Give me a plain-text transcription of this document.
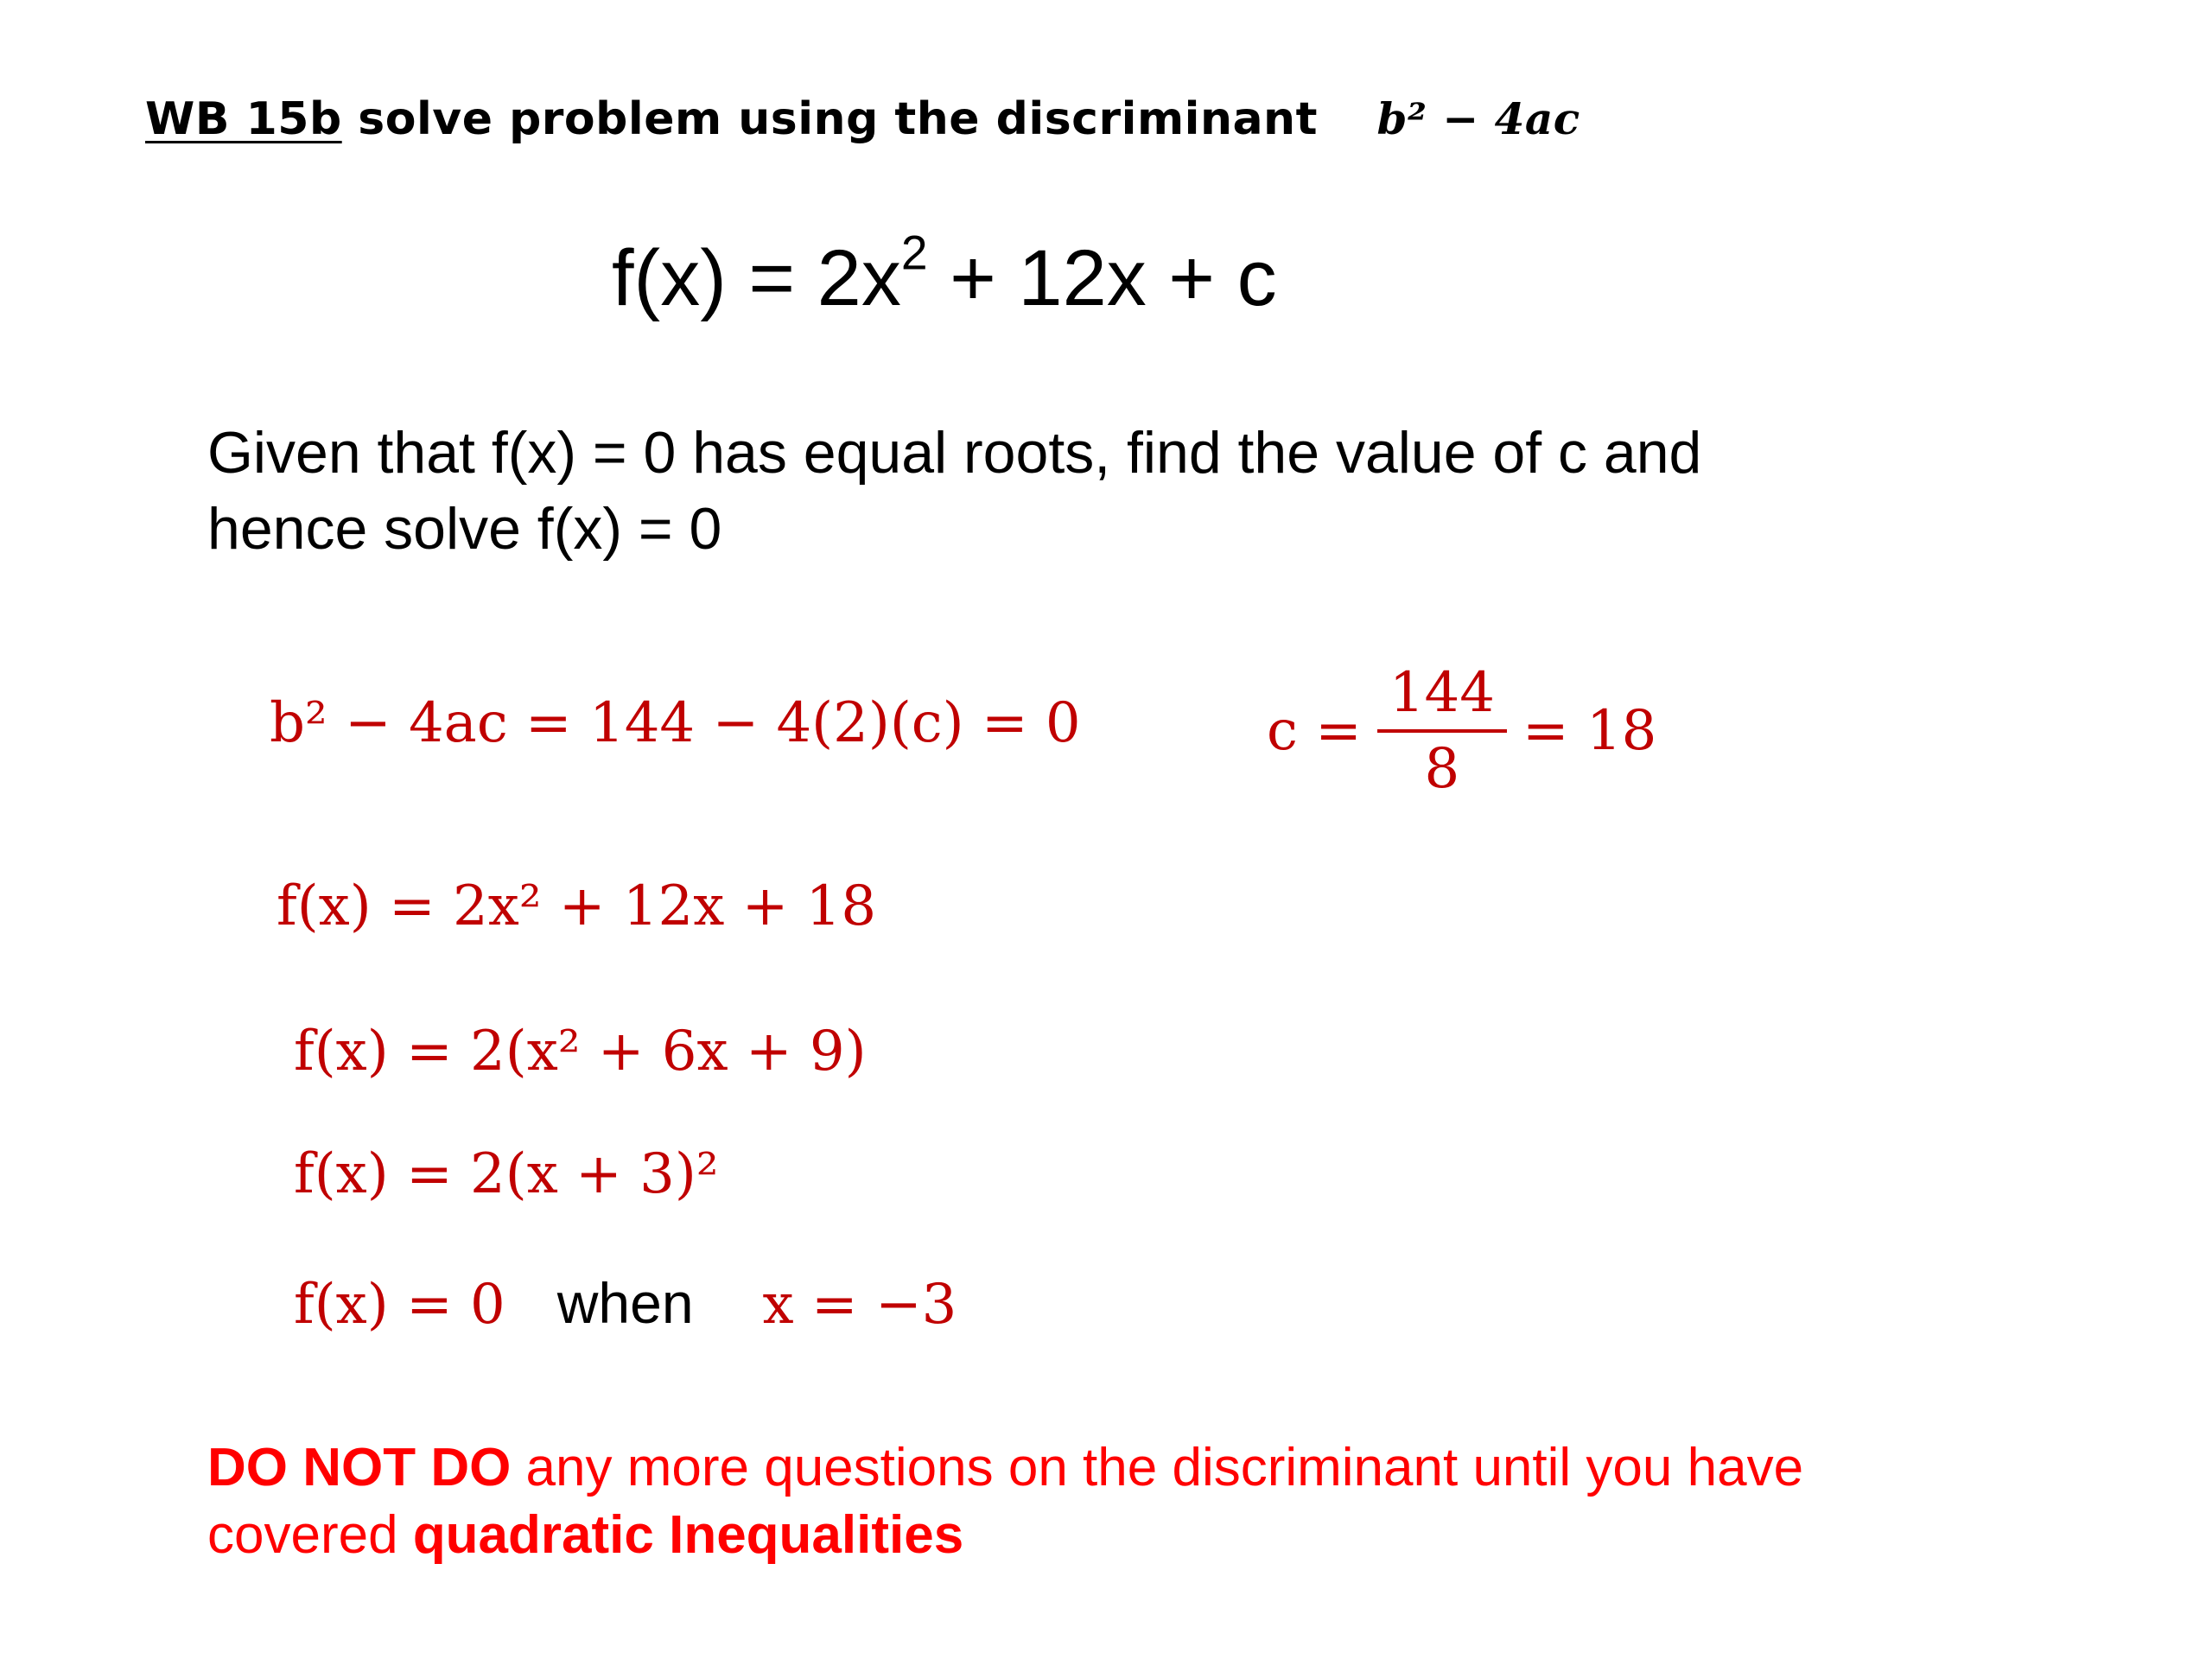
WB 15b solve problem using the discriminant b² − 4ac
$f(x) = 2x^2 + 12x + c$
Given that f(x) = 0 has equal roots, find the value of c and
hence solve f(x) = 0
b² − 4ac = 144 − 4(2)(c) = 0	$c = \frac{144}{8} = 18$
f(x) = 2x² + 12x + 18
f(x) = 2(x² + 6x + 9)
f(x) = 2(x + 3)²
f(x) = 0 when x = −3
DO NOT DO any more questions on the discriminant until you have
covered quadratic Inequalities
